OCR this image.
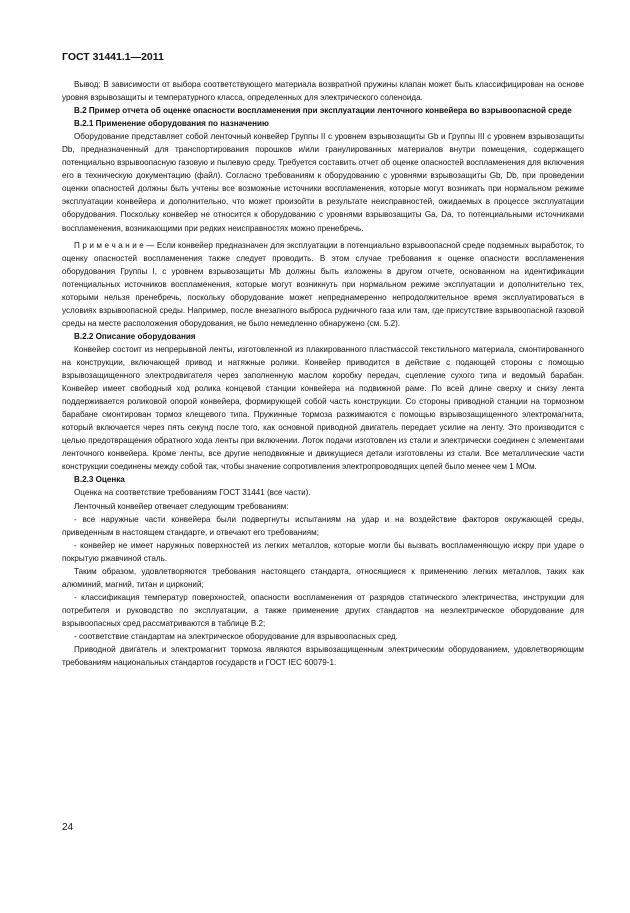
ГОСТ 31441.1—2011

Вывод: В зависимости от выбора соответствующего материала возвратной пружины клапан может быть классифицирован на основе уровня взрывозащиты и температурного класса, определенных для электрического соленоида.

В.2 Пример отчета об оценке опасности воспламенения при эксплуатации ленточного конвейера во взрывоопасной среде

В.2.1 Применение оборудования по назначению

Оборудование представляет собой ленточный конвейер Группы II с уровнем взрывозащиты Gb и Группы III с уровнем взрывозащиты Db, предназначенный для транспортирования порошков и/или гранулированных материалов внутри помещения, содержащего потенциально взрывоопасную газовую и пылевую среду. Требуется составить отчет об оценке опасностей воспламенения для включения его в техническую документацию (файл). Согласно требованиям к оборудованию с уровнями взрывозащиты Gb, Db, при проведении оценки опасностей должны быть учтены все возможные источники воспламенения, которые могут возникать при нормальном режиме эксплуатации конвейера и дополнительно, что может произойти в результате неисправностей, ожидаемых в процессе эксплуатации оборудования. Поскольку конвейер не относится к оборудованию с уровнями взрывозащиты Ga, Da, то потенциальными источниками воспламенения, возникающими при редких неисправностях можно пренебречь.

П р и м е ч а н и е — Если конвейер предназначен для эксплуатации в потенциально взрывоопасной среде подземных выработок, то оценку опасностей воспламенения также следует проводить. В этом случае требования к оценке опасности воспламенения оборудования Группы I, с уровнем взрывозащиты Mb должны быть изложены в другом отчете, основанном на идентификации потенциальных источников воспламенения, которые могут возникнуть при нормальном режиме эксплуатации и дополнительно тех, которыми нельзя пренебречь, поскольку оборудование может непреднамеренно непродолжительное время эксплуатироваться в условиях взрывоопасной среды. Например, после внезапного выброса рудничного газа или там, где присутствие взрывоопасной газовой среды на месте расположения оборудования, не было немедленно обнаружено (см. 5.2).

В.2.2 Описание оборудования

Конвейер состоит из непрерывной ленты, изготовленной из плакированного пластмассой текстильного материала, смонтированного на конструкции, включающей привод и натяжные ролики. Конвейер приводится в действие с подающей стороны с помощью взрывозащищенного электродвигателя через заполненную маслом коробку передач, сцепление сухого типа и ведомый барабан. Конвейер имеет свободный ход ролика концевой станции конвейера на подвижной раме. По всей длине сверху и снизу лента поддерживается роликовой опорой конвейера, формирующей собой часть конструкции. Со стороны приводной станции на тормозном барабане смонтирован тормоз клещевого типа. Пружинные тормоза разжимаются с помощью взрывозащищенного электромагнита, который включается через пять секунд после того, как основной приводной двигатель передает усилие на ленту. Это производится с целью предотвращения обратного хода ленты при включении. Лоток подачи изготовлен из стали и электрически соединен с элементами ленточного конвейера. Кроме ленты, все другие неподвижные и движущиеся детали изготовлены из стали. Все металлические части конструкции соединены между собой так, чтобы значение сопротивления электропроводящих цепей было менее чем 1 МОм.

В.2.3 Оценка

Оценка на соответствие требованиям ГОСТ 31441 (все части).

Ленточный конвейер отвечает следующим требованиям:

- все наружные части конвейера были подвергнуты испытаниям на удар и на воздействие факторов окружающей среды, приведенным в настоящем стандарте, и отвечают его требованиям;

- конвейер не имеет наружных поверхностей из легких металлов, которые могли бы вызвать воспламеняющую искру при ударе о покрытую ржавчиной сталь.

Таким образом, удовлетворяются требования настоящего стандарта, относящиеся к применению легких металлов, таких как алюминий, магний, титан и цирконий;

- классификация температур поверхностей, опасности воспламенения от разрядов статического электричества, инструкции для потребителя и руководство по эксплуатации, а также применение других стандартов на неэлектрическое оборудование для взрывоопасных сред рассматриваются в таблице В.2;

- соответствие стандартам на электрическое оборудование для взрывоопасных сред.

Приводной двигатель и электромагнит тормоза являются взрывозащищенным электрическим оборудованием, удовлетворяющим требованиям национальных стандартов государств и ГОСТ IEC 60079-1.

24
